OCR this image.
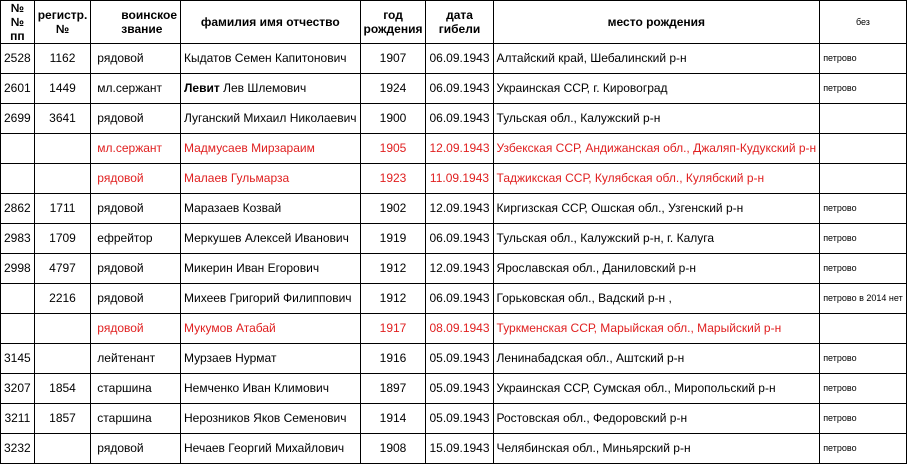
№№ пп	регистр. №	воинское звание	фамилия имя отчество	год рождения	дата гибели	место рождения	без
2528	1162	рядовой	Кыдатов Семен Капитонович	1907	06.09.1943	Алтайский край, Шебалинский р-н	петрово
2601	1449	мл.сержант	Левит Лев Шлемович	1924	06.09.1943	Украинская ССР, г. Кировоград	петрово
2699	3641	рядовой	Луганский Михаил Николаевич	1900	06.09.1943	Тульская обл., Калужский р-н	
		мл.сержант	Мадмусаев Мирзараим	1905	12.09.1943	Узбекская ССР, Андижанская обл., Джаляп-Кудукский р-н	
		рядовой	Малаев Гульмарза	1923	11.09.1943	Таджикская ССР, Кулябская обл., Кулябский р-н	
2862	1711	рядовой	Маразаев Козвай	1902	12.09.1943	Киргизская ССР, Ошская обл., Узгенский р-н	петрово
2983	1709	ефрейтор	Меркушев Алексей Иванович	1919	06.09.1943	Тульская обл., Калужский р-н, г. Калуга	петрово
2998	4797	рядовой	Микерин Иван Егорович	1912	12.09.1943	Ярославская обл., Даниловский р-н	петрово
	2216	рядовой	Михеев Григорий Филиппович	1912	06.09.1943	Горьковская обл., Вадский р-н ,	петрово в 2014 нет
		рядовой	Мукумов Атабай	1917	08.09.1943	Туркменская ССР, Марыйская обл., Марыйский р-н	
3145		лейтенант	Мурзаев Нурмат	1916	05.09.1943	Ленинабадская обл., Аштский р-н	петрово
3207	1854	старшина	Немченко Иван Климович	1897	05.09.1943	Украинская ССР, Сумская обл., Миропольский р-н	петрово
3211	1857	старшина	Нерозников Яков Семенович	1914	05.09.1943	Ростовская обл., Федоровский р-н	петрово
3232		рядовой	Нечаев Георгий Михайлович	1908	15.09.1943	Челябинская обл., Миньярский р-н	петрово
